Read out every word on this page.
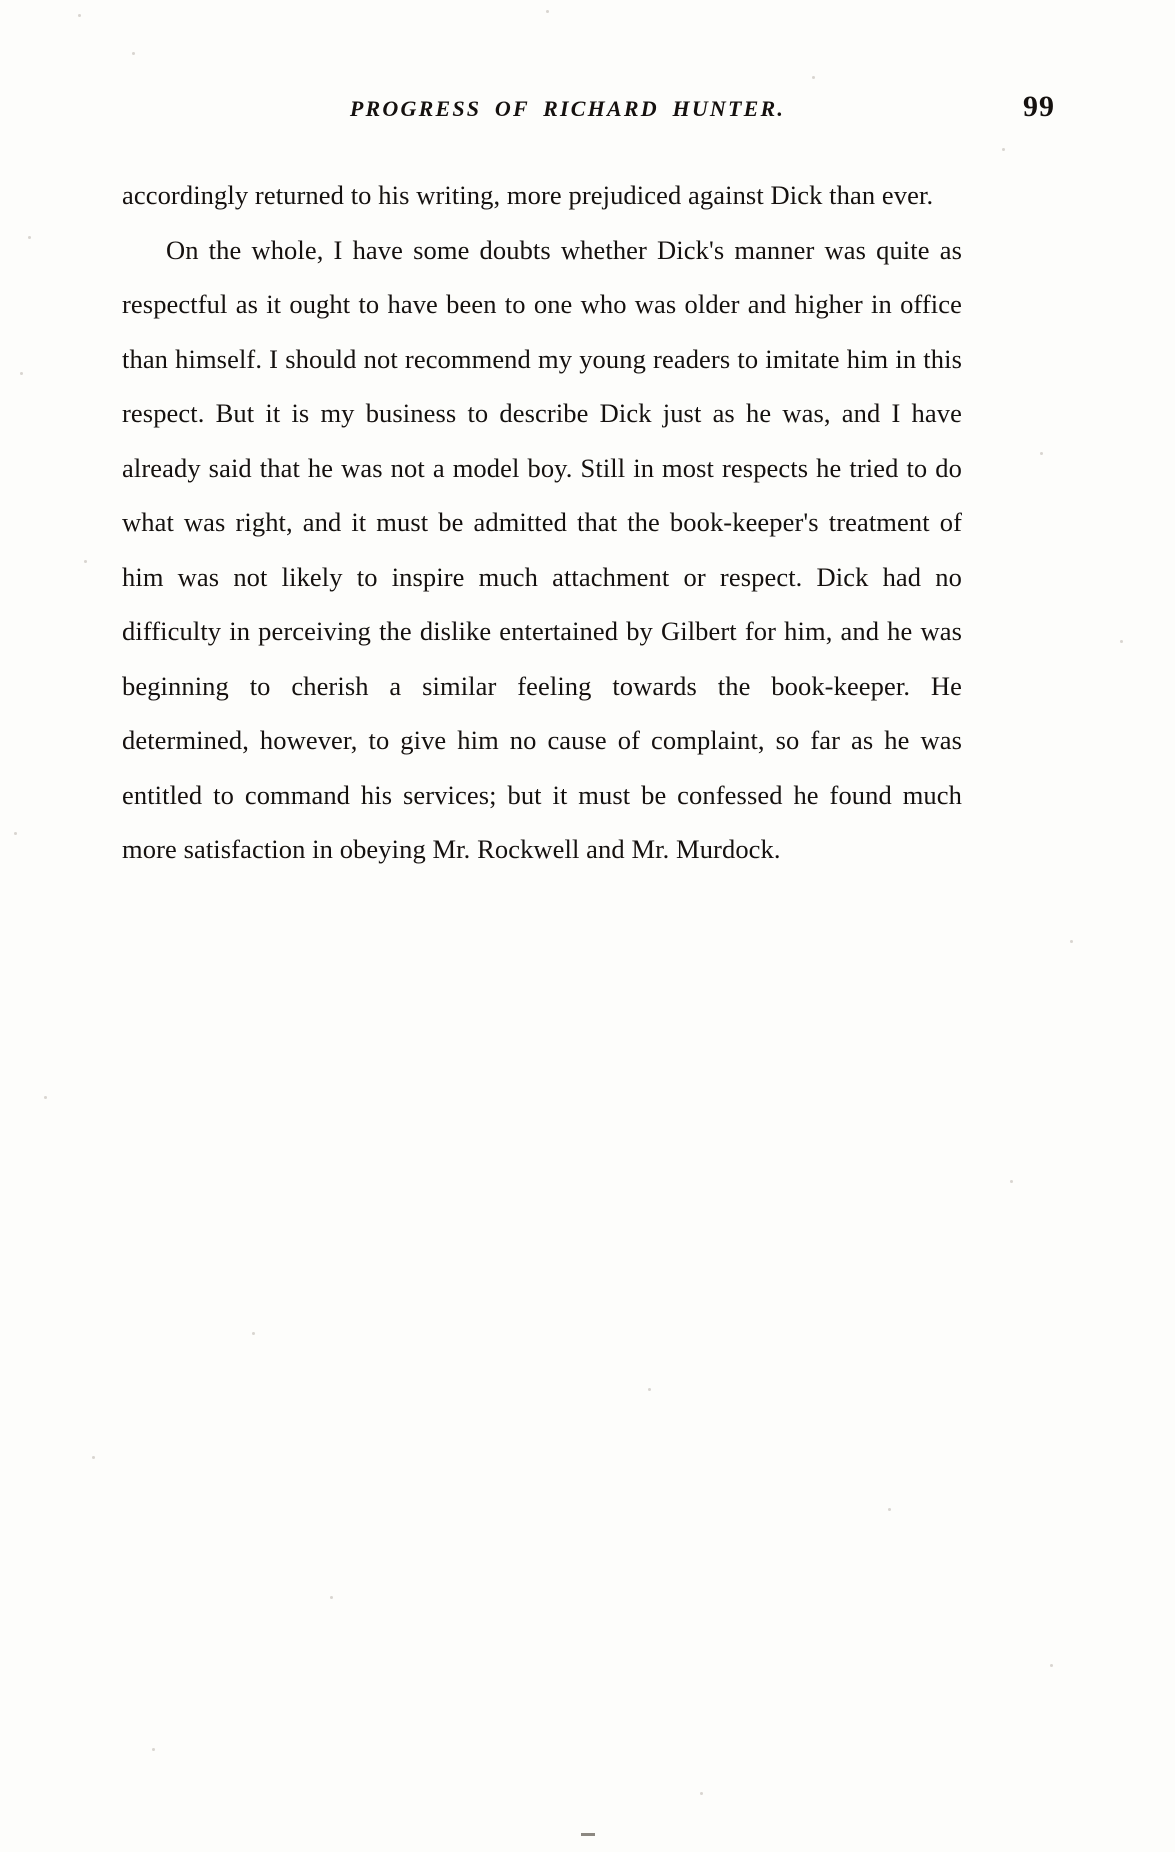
PROGRESS OF RICHARD HUNTER.	99

accordingly returned to his writing, more prejudiced against Dick than ever.

On the whole, I have some doubts whether Dick's manner was quite as respectful as it ought to have been to one who was older and higher in office than himself. I should not recommend my young readers to imitate him in this respect. But it is my business to describe Dick just as he was, and I have already said that he was not a model boy. Still in most respects he tried to do what was right, and it must be admitted that the book-keeper's treatment of him was not likely to inspire much attachment or respect. Dick had no difficulty in perceiving the dislike entertained by Gilbert for him, and he was beginning to cherish a similar feeling towards the book-keeper. He determined, however, to give him no cause of complaint, so far as he was entitled to command his services; but it must be confessed he found much more satisfaction in obeying Mr. Rockwell and Mr. Murdock.
